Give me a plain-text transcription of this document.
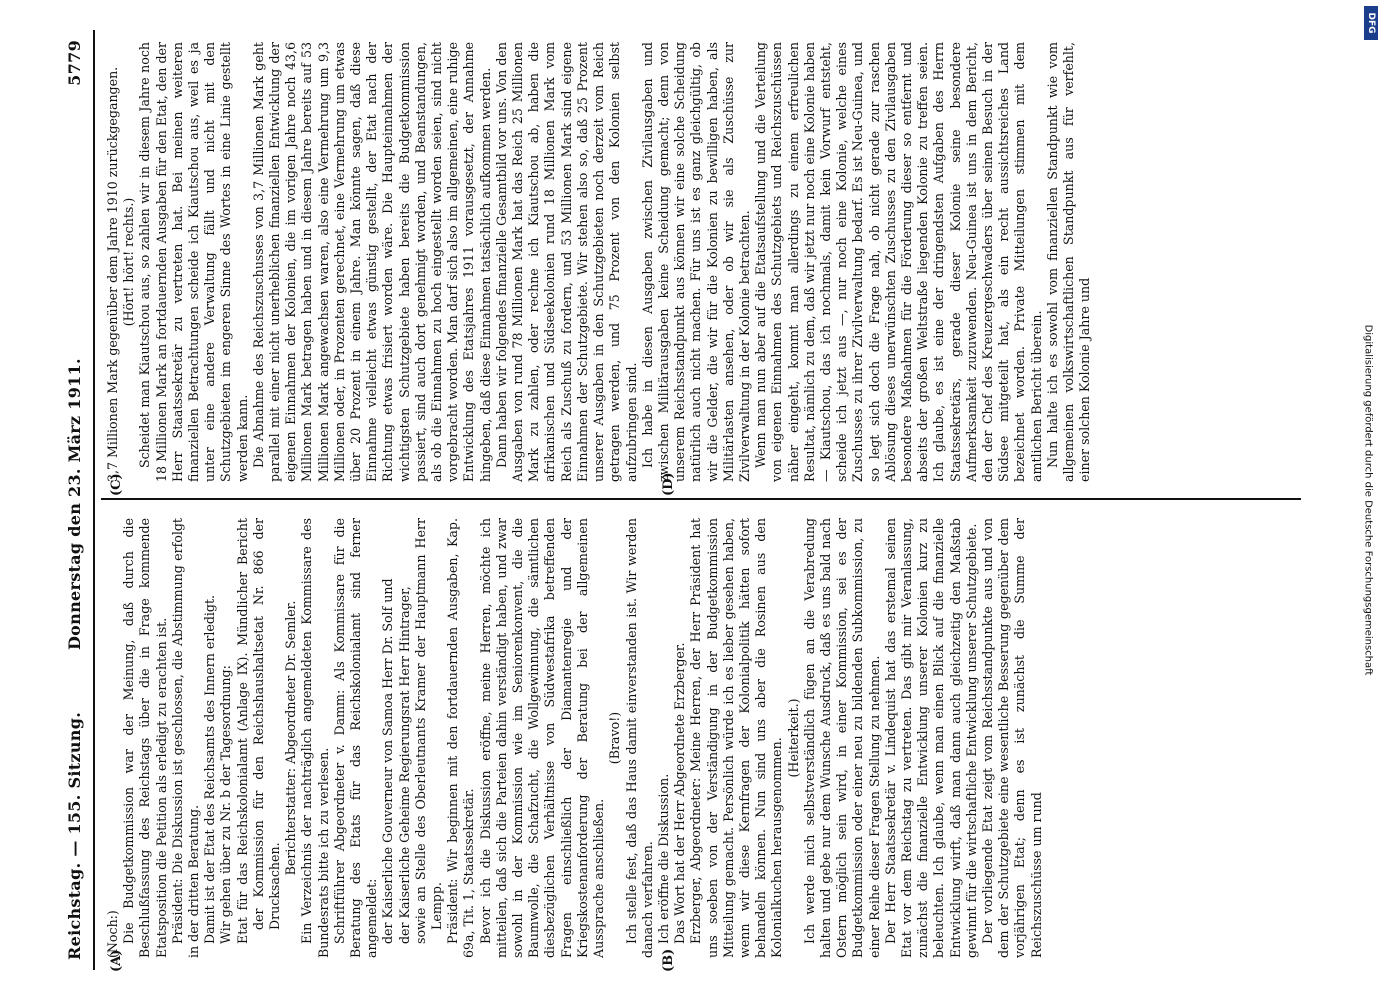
Reichstag. — 155. Sitzung.
Donnerstag den 23. März 1911.
5779
(A)	(B)
(C)	(D)

(Noch:) Die Budgetkommission war der Meinung, daß durch die Beschlußfassung des Reichstags über die in Frage kommende Etatsposition die Petition als erledigt zu erachten ist. Präsident: Die Diskussion ist geschlossen, die Abstimmung erfolgt in der dritten Beratung. Damit ist der Etat des Reichsamts des Innern erledigt. Wir gehen über zu Nr. b der Tagesordnung: Etat für das Reichskolonialamt (Anlage IX). Mündlicher Bericht der Kommission für den Reichshaushaltsetat Nr. 866 der Drucksachen.

Berichterstatter: Abgeordneter Dr. Semler. Ein Verzeichnis der nachträglich angemeldeten Kommissare des Bundesrats bitte ich zu verlesen. Schriftführer Abgeordneter v. Damm: Als Kommissare für die Beratung des Etats für das Reichskolonialamt sind ferner angemeldet: der Kaiserliche Gouverneur von Samoa Herr Dr. Solf und der Kaiserliche Geheime Regierungsrat Herr Hintrager, sowie an Stelle des Oberleutnants Kramer der Hauptmann Herr Lempp. Präsident: Wir beginnen mit den fortdauernden Ausgaben, Kap. 69a, Tit. 1, Staatssekretär. Bevor ich die Diskussion eröffne, meine Herren, möchte ich mitteilen, daß sich die Parteien dahin verständigt haben, und zwar sowohl in der Kommission wie im Seniorenkonvent, die die Baumwolle, die Schafzucht, die Wollgewinnung, die sämtlichen diesbezüglichen Verhältnisse von Südwestafrika betreffenden Fragen einschließlich der Diamantenregie und der Kriegskostenanforderung der Beratung bei der allgemeinen Aussprache anschließen.

(Bravo!) Ich stelle fest, daß das Haus damit einverstanden ist. Wir werden danach verfahren. Ich eröffne die Diskussion. Das Wort hat der Herr Abgeordnete Erzberger. Erzberger, Abgeordneter: Meine Herren, der Herr Präsident hat uns soeben von der Verständigung in der Budgetkommission Mitteilung gemacht. Persönlich würde ich es lieber gesehen haben, wenn wir diese Kernfragen der Kolonialpolitik hätten sofort behandeln können. Nun sind uns aber die Rosinen aus den Kolonialkuchen herausgenommen. (Heiterkeit.) Ich werde mich selbstverständlich fügen an die Verabredung halten und gebe nur dem Wunsche Ausdruck, daß es uns bald nach Ostern möglich sein wird, in einer Kommission, sei es der Budgetkommission oder einer neu zu bildenden Subkommission, zu einer Reihe dieser Fragen Stellung zu nehmen. Der Herr Staatssekretär v. Lindequist hat das erstemal seinen Etat vor dem Reichstag zu vertreten. Das gibt mir Veranlassung, zunächst die finanzielle Entwicklung unserer Kolonien kurz zu beleuchten. Ich glaube, wenn man einen Blick auf die finanzielle Entwicklung wirft, daß man dann auch gleichzeitig den Maßstab gewinnt für die wirtschaftliche Entwicklung unserer Schutzgebiete. Der vorliegende Etat zeigt vom Reichsstandpunkte aus und von dem der Schutzgebiete eine wesentliche Besserung gegenüber dem vorjährigen Etat; denn es ist zunächst die Summe der Reichszuschüsse um rund

3,7 Millionen Mark gegenüber dem Jahre 1910 zurückgegangen. (Hört! hört! rechts.) Scheidet man Kiautschou aus, so zahlen wir in diesem Jahre noch 18 Millionen Mark an fortdauernden Ausgaben für den Etat, den der Herr Staatssekretär zu vertreten hat. Bei meinen weiteren finanziellen Betrachtungen scheide ich Kiautschou aus, weil es ja unter eine andere Verwaltung fällt und nicht mit den Schutzgebieten im engeren Sinne des Wortes in eine Linie gestellt werden kann. Die Abnahme des Reichszuschusses von 3,7 Millionen Mark geht parallel mit einer nicht unerheblichen finanziellen Entwicklung der eigenen Einnahmen der Kolonien, die im vorigen Jahre noch 43,6 Millionen Mark betragen haben und in diesem Jahre bereits auf 53 Millionen Mark angewachsen waren, also eine Vermehrung um 9,3 Millionen oder, in Prozenten gerechnet, eine Vermehrung um etwas über 20 Prozent in einem Jahre. Man könnte sagen, daß diese Einnahme vielleicht etwas günstig gestellt, der Etat nach der Richtung etwas frisiert worden wäre. Die Haupteinnahmen der wichtigsten Schutzgebiete haben bereits die Budgetkommission passiert, sind auch dort genehmigt worden, und Beanstandungen, als ob die Einnahmen zu hoch eingestellt worden seien, sind nicht vorgebracht worden. Man darf sich also im allgemeinen, eine ruhige Entwicklung des Etatsjahres 1911 vorausgesetzt, der Annahme hingeben, daß diese Einnahmen tatsächlich aufkommen werden. Dann haben wir folgendes finanzielle Gesamtbild vor uns. Von den Ausgaben von rund 78 Millionen Mark hat das Reich 25 Millionen Mark zu zahlen, oder rechne ich Kiautschou ab, haben die afrikanischen und Südseekolonien rund 18 Millionen Mark vom Reich als Zuschuß zu fordern, und 53 Millionen Mark sind eigene Einnahmen der Schutzgebiete. Wir stehen also so, daß 25 Prozent unserer Ausgaben in den Schutzgebieten noch derzeit vom Reich getragen werden, und 75 Prozent von den Kolonien selbst aufzubringen sind. Ich habe in diesen Ausgaben zwischen Zivilausgaben und zwischen Militärausgaben keine Scheidung gemacht; denn von unserem Reichsstandpunkt aus können wir eine solche Scheidung natürlich auch nicht machen. Für uns ist es ganz gleichgültig, ob wir die Gelder, die wir für die Kolonien zu bewilligen haben, als Militärlasten ansehen, oder ob wir sie als Zuschüsse zur Zivilverwaltung in der Kolonie betrachten. Wenn man nun aber auf die Etatsaufstellung und die Verteilung von eigenen Einnahmen des Schutzgebiets und Reichszuschüssen näher eingeht, kommt man allerdings zu einem erfreulichen Resultat, nämlich zu dem, daß wir jetzt nur noch eine Kolonie haben — Kiautschou, das ich nochmals, damit kein Vorwurf entsteht, scheide ich jetzt aus —, nur noch eine Kolonie, welche eines Zuschusses zu ihrer Zivilverwaltung bedarf. Es ist Neu-Guinea, und so legt sich doch die Frage nah, ob nicht gerade zur raschen Ablösung dieses unerwünschten Zuschusses zu den Zivilausgaben besondere Maßnahmen für die Förderung dieser so entfernt und abseits der großen Weltstraße liegenden Kolonie zu treffen seien. Ich glaube, es ist eine der dringendsten Aufgaben des Herrn Staatssekretärs, gerade dieser Kolonie seine besondere Aufmerksamkeit zuzuwenden. Neu-Guinea ist uns in dem Bericht, den der Chef des Kreuzergeschwaders über seinen Besuch in der Südsee mitgeteilt hat, als ein recht aussichtsreiches Land bezeichnet worden. Private Mitteilungen stimmen mit dem amtlichen Bericht überein. Nun halte ich es sowohl vom finanziellen Standpunkt wie vom allgemeinen volkswirtschaftlichen Standpunkt aus für verfehlt, einer solchen Kolonie Jahre und

DFG
Digitalisierung gefördert durch die Deutsche Forschungsgemeinschaft
